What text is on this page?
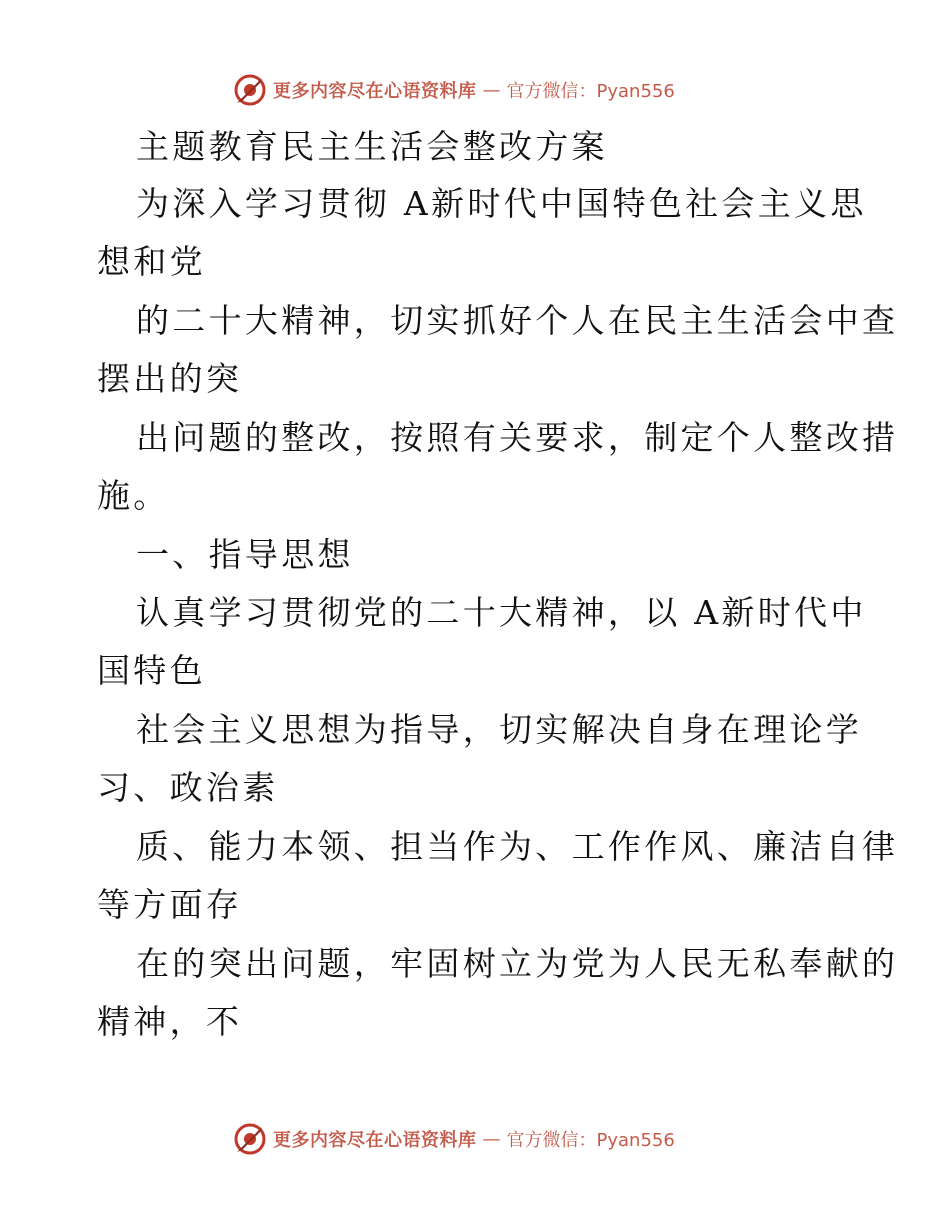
更多内容尽在心语资料库 — 官方微信：Pyan556
主题教育民主生活会整改方案
为深入学习贯彻 A新时代中国特色社会主义思
想和党
的二十大精神，切实抓好个人在民主生活会中查
摆出的突
出问题的整改，按照有关要求，制定个人整改措
施。
一、指导思想
认真学习贯彻党的二十大精神，以 A新时代中
国特色
社会主义思想为指导，切实解决自身在理论学
习、政治素
质、能力本领、担当作为、工作作风、廉洁自律
等方面存
在的突出问题，牢固树立为党为人民无私奉献的
精神，不
更多内容尽在心语资料库 — 官方微信：Pyan556
